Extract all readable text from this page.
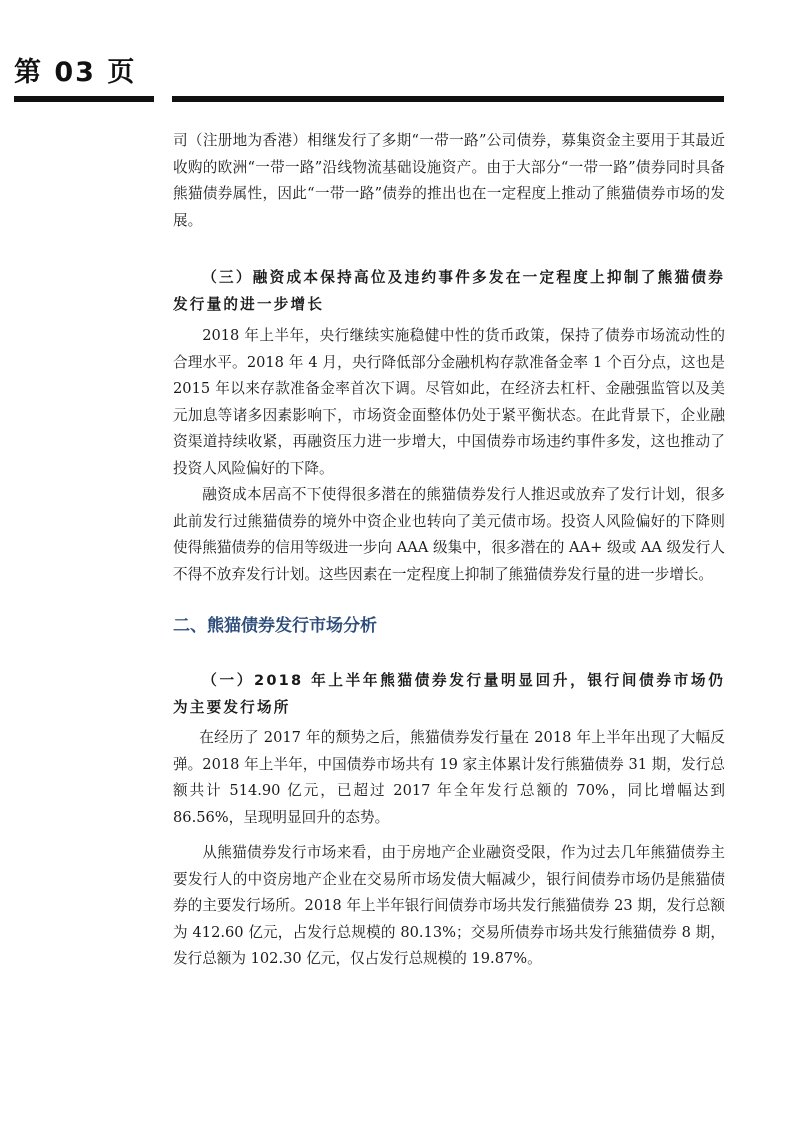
第 03 页

司（注册地为香港）相继发行了多期“一带一路”公司债券，募集资金主要用于其最近收购的欧洲“一带一路”沿线物流基础设施资产。由于大部分“一带一路”债券同时具备熊猫债券属性，因此“一带一路”债券的推出也在一定程度上推动了熊猫债券市场的发展。

（三）融资成本保持高位及违约事件多发在一定程度上抑制了熊猫债券发行量的进一步增长

2018 年上半年，央行继续实施稳健中性的货币政策，保持了债券市场流动性的合理水平。2018 年 4 月，央行降低部分金融机构存款准备金率 1 个百分点，这也是 2015 年以来存款准备金率首次下调。尽管如此，在经济去杠杆、金融强监管以及美元加息等诸多因素影响下，市场资金面整体仍处于紧平衡状态。在此背景下，企业融资渠道持续收紧，再融资压力进一步增大，中国债券市场违约事件多发，这也推动了投资人风险偏好的下降。

融资成本居高不下使得很多潜在的熊猫债券发行人推迟或放弃了发行计划，很多此前发行过熊猫债券的境外中资企业也转向了美元债市场。投资人风险偏好的下降则使得熊猫债券的信用等级进一步向 AAA 级集中，很多潜在的 AA+ 级或 AA 级发行人不得不放弃发行计划。这些因素在一定程度上抑制了熊猫债券发行量的进一步增长。

二、熊猫债券发行市场分析

（一）2018 年上半年熊猫债券发行量明显回升，银行间债券市场仍为主要发行场所

在经历了 2017 年的颓势之后，熊猫债券发行量在 2018 年上半年出现了大幅反弹。2018 年上半年，中国债券市场共有 19 家主体累计发行熊猫债券 31 期，发行总额共计 514.90 亿元，已超过 2017 年全年发行总额的 70%，同比增幅达到 86.56%，呈现明显回升的态势。

从熊猫债券发行市场来看，由于房地产企业融资受限，作为过去几年熊猫债券主要发行人的中资房地产企业在交易所市场发债大幅减少，银行间债券市场仍是熊猫债券的主要发行场所。2018 年上半年银行间债券市场共发行熊猫债券 23 期，发行总额为 412.60 亿元，占发行总规模的 80.13%；交易所债券市场共发行熊猫债券 8 期，发行总额为 102.30 亿元，仅占发行总规模的 19.87%。
